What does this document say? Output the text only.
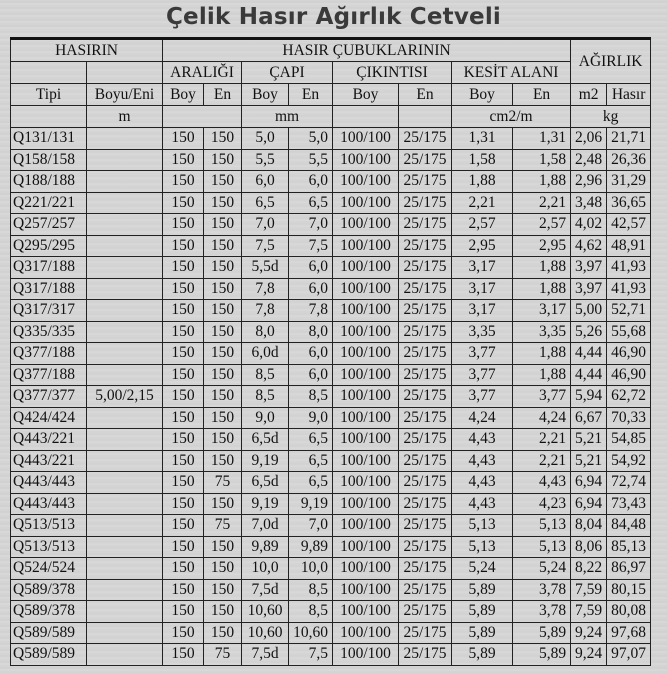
Çelik Hasır Ağırlık Cetveli
HASIRIN		HASIR ÇUBUKLARININ								AĞIRLIK	
		ARALIĞI		ÇAPI		ÇIKINTISI		KESİT ALANI			
Tipi	Boyu/Eni	Boy	En	Boy	En	Boy	En	Boy	En	m2	Hasır
	m			mm				cm2/m		kg	
Q131/131		150	150	5,0	5,0	100/100	25/175	1,31	1,31	2,06	21,71
Q158/158		150	150	5,5	5,5	100/100	25/175	1,58	1,58	2,48	26,36
Q188/188		150	150	6,0	6,0	100/100	25/175	1,88	1,88	2,96	31,29
Q221/221		150	150	6,5	6,5	100/100	25/175	2,21	2,21	3,48	36,65
Q257/257		150	150	7,0	7,0	100/100	25/175	2,57	2,57	4,02	42,57
Q295/295		150	150	7,5	7,5	100/100	25/175	2,95	2,95	4,62	48,91
Q317/188		150	150	5,5d	6,0	100/100	25/175	3,17	1,88	3,97	41,93
Q317/188		150	150	7,8	6,0	100/100	25/175	3,17	1,88	3,97	41,93
Q317/317		150	150	7,8	7,8	100/100	25/175	3,17	3,17	5,00	52,71
Q335/335		150	150	8,0	8,0	100/100	25/175	3,35	3,35	5,26	55,68
Q377/188		150	150	6,0d	6,0	100/100	25/175	3,77	1,88	4,44	46,90
Q377/188		150	150	8,5	6,0	100/100	25/175	3,77	1,88	4,44	46,90
Q377/377	5,00/2,15	150	150	8,5	8,5	100/100	25/175	3,77	3,77	5,94	62,72
Q424/424		150	150	9,0	9,0	100/100	25/175	4,24	4,24	6,67	70,33
Q443/221		150	150	6,5d	6,5	100/100	25/175	4,43	2,21	5,21	54,85
Q443/221		150	150	9,19	6,5	100/100	25/175	4,43	2,21	5,21	54,92
Q443/443		150	75	6,5d	6,5	100/100	25/175	4,43	4,43	6,94	72,74
Q443/443		150	150	9,19	9,19	100/100	25/175	4,43	4,23	6,94	73,43
Q513/513		150	75	7,0d	7,0	100/100	25/175	5,13	5,13	8,04	84,48
Q513/513		150	150	9,89	9,89	100/100	25/175	5,13	5,13	8,06	85,13
Q524/524		150	150	10,0	10,0	100/100	25/175	5,24	5,24	8,22	86,97
Q589/378		150	150	7,5d	8,5	100/100	25/175	5,89	3,78	7,59	80,15
Q589/378		150	150	10,60	8,5	100/100	25/175	5,89	3,78	7,59	80,08
Q589/589		150	150	10,60	10,60	100/100	25/175	5,89	5,89	9,24	97,68
Q589/589		150	75	7,5d	7,5	100/100	25/175	5,89	5,89	9,24	97,07
